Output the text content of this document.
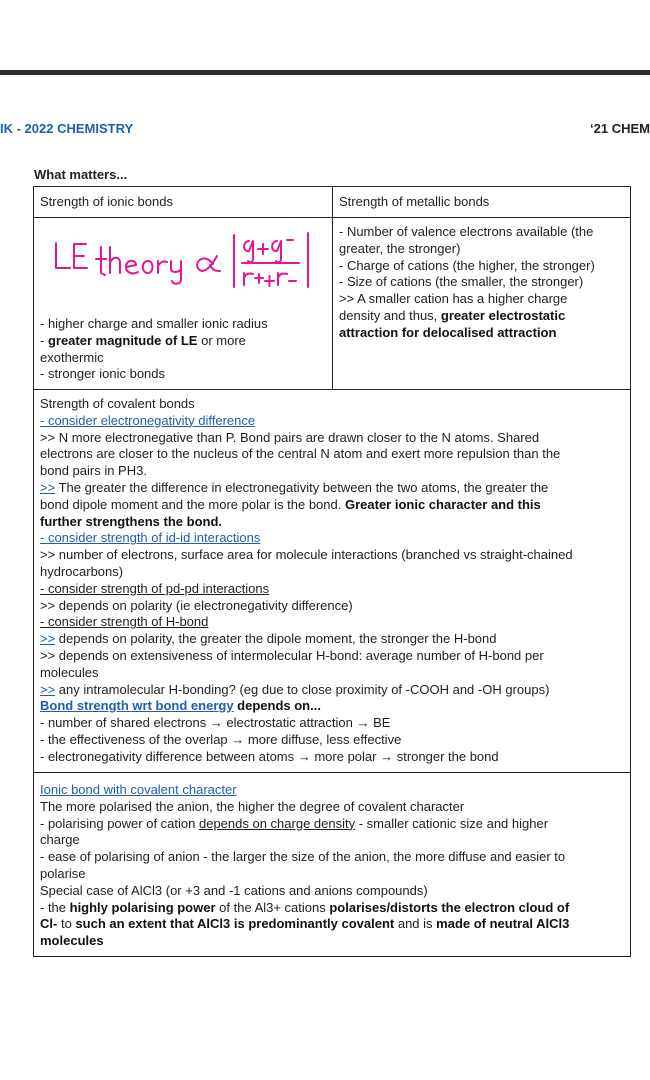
IK - 2022 CHEMISTRY	‘21 CHEM
What matters...
Strength of ionic bonds
- higher charge and smaller ionic radius
- greater magnitude of LE or more
exothermic
- stronger ionic bonds
Strength of metallic bonds
- Number of valence electrons available (the
greater, the stronger)
- Charge of cations (the higher, the stronger)
- Size of cations (the smaller, the stronger)
>> A smaller cation has a higher charge
density and thus, greater electrostatic
attraction for delocalised attraction
Strength of covalent bonds
- consider electronegativity difference
>> N more electronegative than P. Bond pairs are drawn closer to the N atoms. Shared
electrons are closer to the nucleus of the central N atom and exert more repulsion than the
bond pairs in PH3.
>> The greater the difference in electronegativity between the two atoms, the greater the
bond dipole moment and the more polar is the bond. Greater ionic character and this
further strengthens the bond.
- consider strength of id-id interactions
>> number of electrons, surface area for molecule interactions (branched vs straight-chained
hydrocarbons)
- consider strength of pd-pd interactions
>> depends on polarity (ie electronegativity difference)
- consider strength of H-bond
>> depends on polarity, the greater the dipole moment, the stronger the H-bond
>> depends on extensiveness of intermolecular H-bond: average number of H-bond per
molecules
>> any intramolecular H-bonding? (eg due to close proximity of -COOH and -OH groups)
Bond strength wrt bond energy depends on...
- number of shared electrons → electrostatic attraction → BE
- the effectiveness of the overlap → more diffuse, less effective
- electronegativity difference between atoms → more polar → stronger the bond
Ionic bond with covalent character
The more polarised the anion, the higher the degree of covalent character
- polarising power of cation depends on charge density - smaller cationic size and higher
charge
- ease of polarising of anion - the larger the size of the anion, the more diffuse and easier to
polarise
Special case of AlCl3 (or +3 and -1 cations and anions compounds)
- the highly polarising power of the Al3+ cations polarises/distorts the electron cloud of
Cl- to such an extent that AlCl3 is predominantly covalent and is made of neutral AlCl3
molecules
